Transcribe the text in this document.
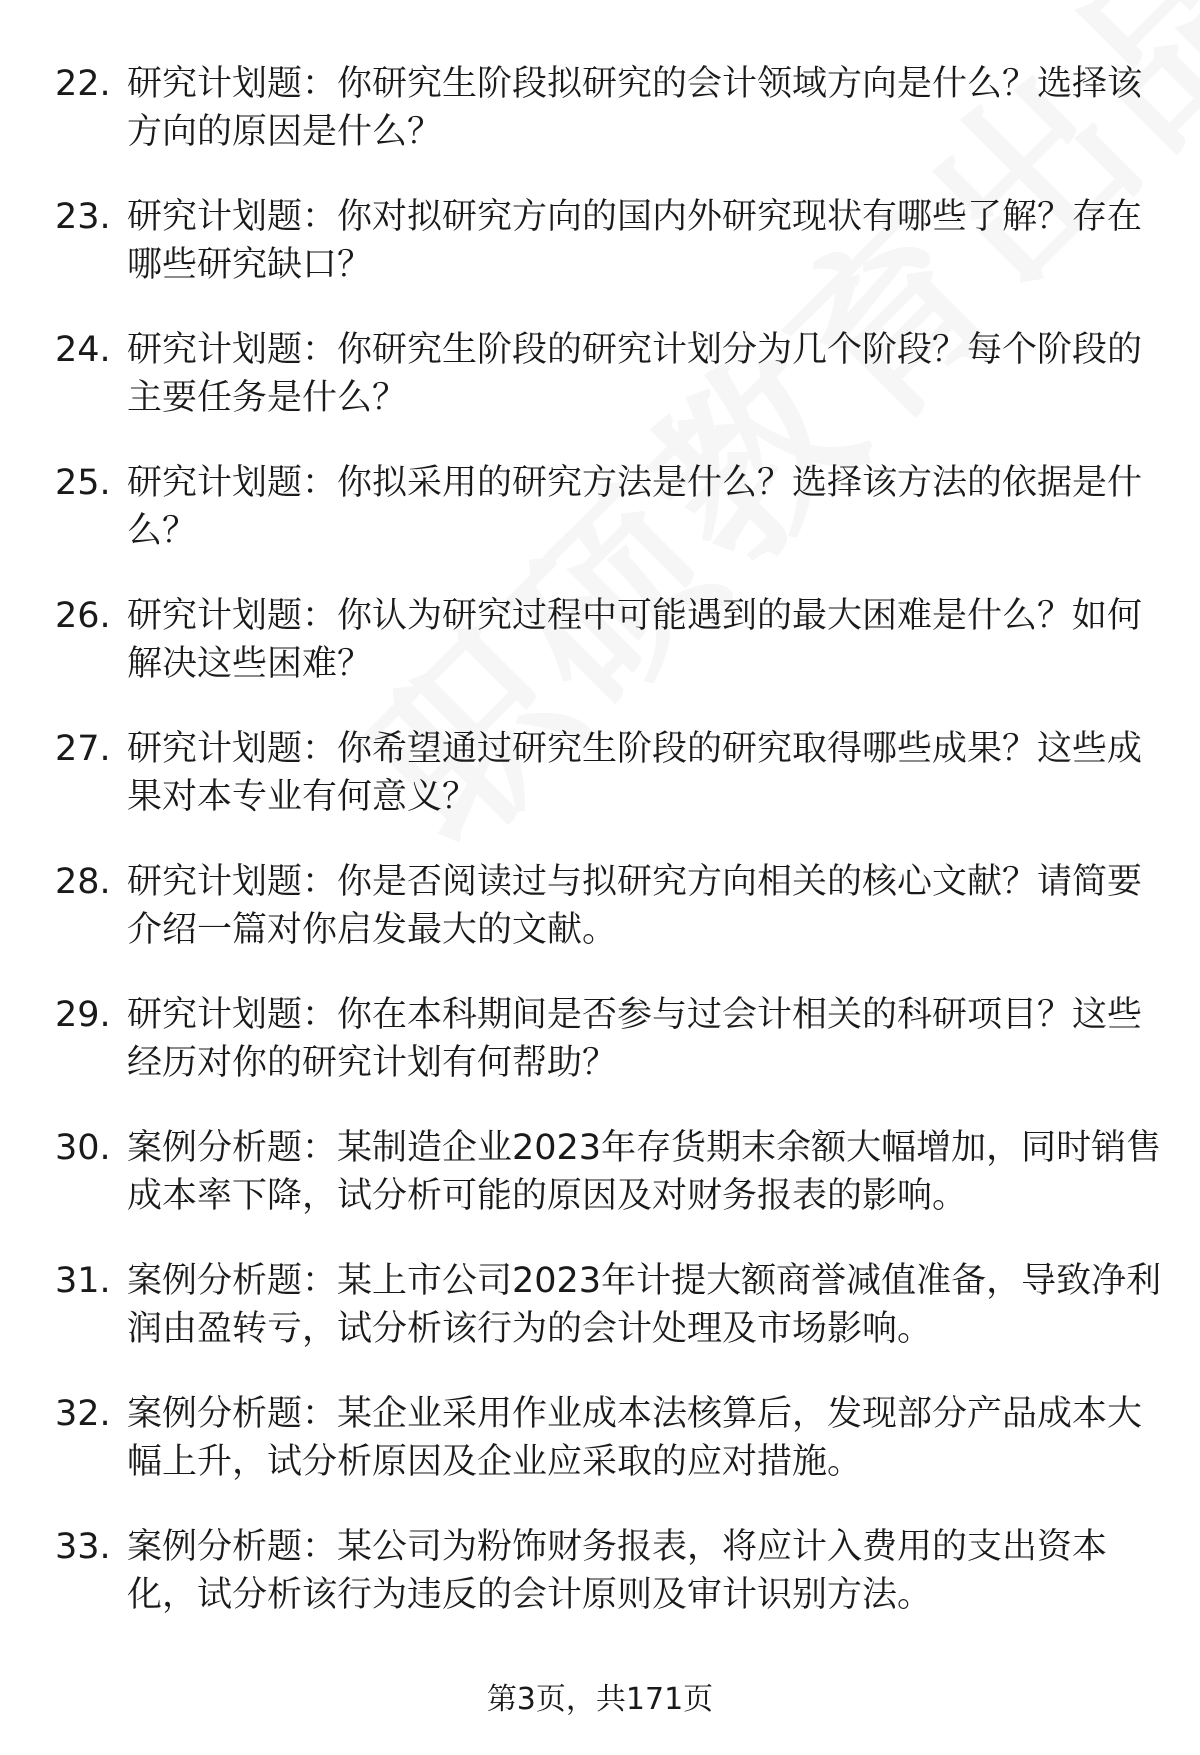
22. 研究计划题：你研究生阶段拟研究的会计领域方向是什么？选择该方向的原因是什么？
23. 研究计划题：你对拟研究方向的国内外研究现状有哪些了解？存在哪些研究缺口？
24. 研究计划题：你研究生阶段的研究计划分为几个阶段？每个阶段的主要任务是什么？
25. 研究计划题：你拟采用的研究方法是什么？选择该方法的依据是什么？
26. 研究计划题：你认为研究过程中可能遇到的最大困难是什么？如何解决这些困难？
27. 研究计划题：你希望通过研究生阶段的研究取得哪些成果？这些成果对本专业有何意义？
28. 研究计划题：你是否阅读过与拟研究方向相关的核心文献？请简要介绍一篇对你启发最大的文献。
29. 研究计划题：你在本科期间是否参与过会计相关的科研项目？这些经历对你的研究计划有何帮助？
30. 案例分析题：某制造企业2023年存货期末余额大幅增加，同时销售成本率下降，试分析可能的原因及对财务报表的影响。
31. 案例分析题：某上市公司2023年计提大额商誉减值准备，导致净利润由盈转亏，试分析该行为的会计处理及市场影响。
32. 案例分析题：某企业采用作业成本法核算后，发现部分产品成本大幅上升，试分析原因及企业应采取的应对措施。
33. 案例分析题：某公司为粉饰财务报表，将应计入费用的支出资本化，试分析该行为违反的会计原则及审计识别方法。
第3页，共171页
